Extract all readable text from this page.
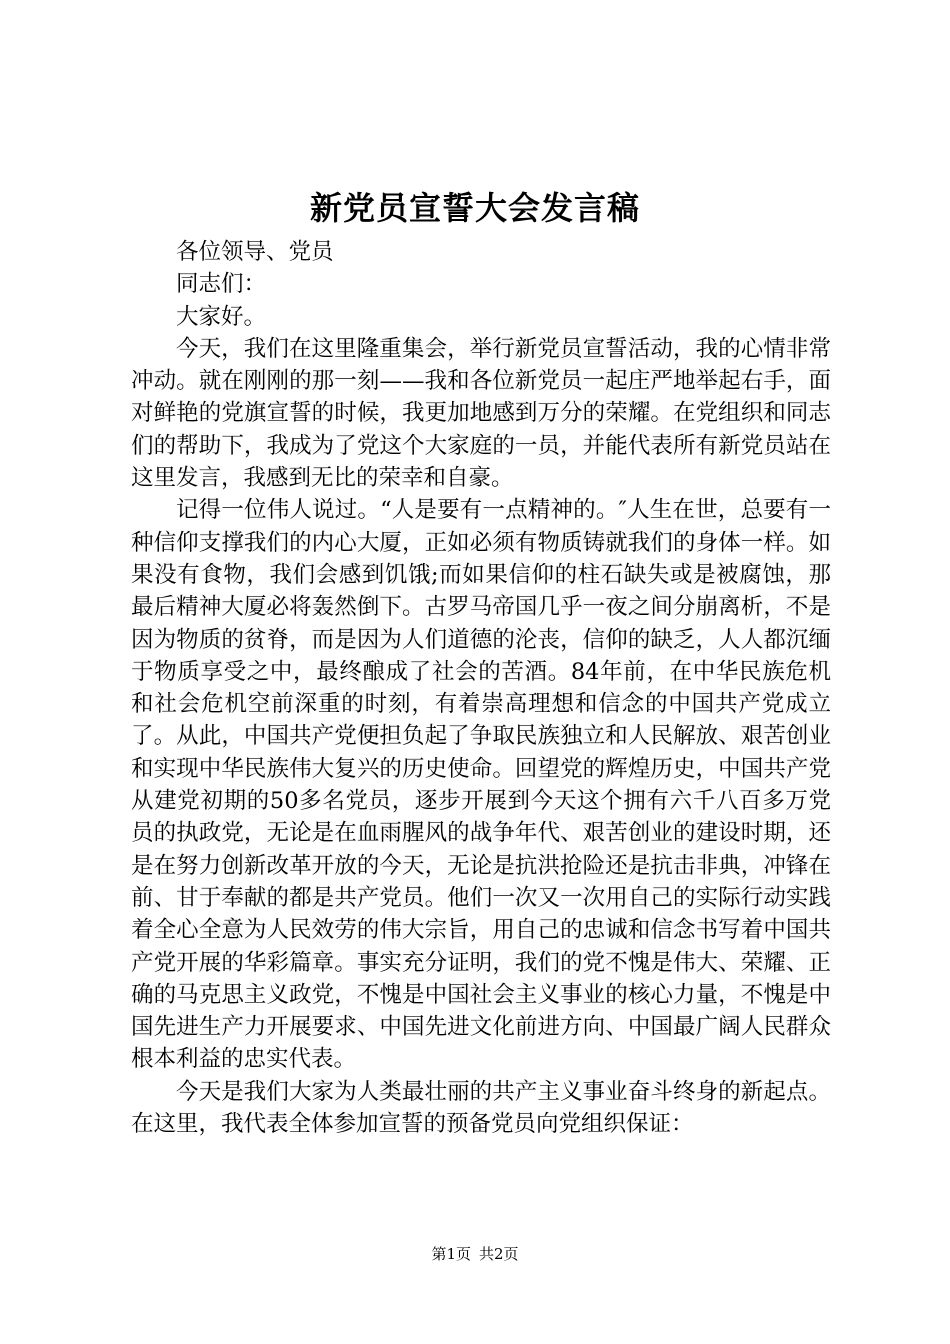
新党员宣誓大会发言稿

各位领导、党员

同志们：

大家好。

今天，我们在这里隆重集会，举行新党员宣誓活动，我的心情非常冲动。就在刚刚的那一刻——我和各位新党员一起庄严地举起右手，面对鲜艳的党旗宣誓的时候，我更加地感到万分的荣耀。在党组织和同志们的帮助下，我成为了党这个大家庭的一员，并能代表所有新党员站在这里发言，我感到无比的荣幸和自豪。

记得一位伟人说过。“人是要有一点精神的。″人生在世，总要有一种信仰支撑我们的内心大厦，正如必须有物质铸就我们的身体一样。如果没有食物，我们会感到饥饿;而如果信仰的柱石缺失或是被腐蚀，那最后精神大厦必将轰然倒下。古罗马帝国几乎一夜之间分崩离析，不是因为物质的贫脊，而是因为人们道德的沦丧，信仰的缺乏，人人都沉缅于物质享受之中，最终酿成了社会的苦酒。84年前，在中华民族危机和社会危机空前深重的时刻，有着崇高理想和信念的中国共产党成立了。从此，中国共产党便担负起了争取民族独立和人民解放、艰苦创业和实现中华民族伟大复兴的历史使命。回望党的辉煌历史，中国共产党从建党初期的50多名党员，逐步开展到今天这个拥有六千八百多万党员的执政党，无论是在血雨腥风的战争年代、艰苦创业的建设时期，还是在努力创新改革开放的今天，无论是抗洪抢险还是抗击非典，冲锋在前、甘于奉献的都是共产党员。他们一次又一次用自己的实际行动实践着全心全意为人民效劳的伟大宗旨，用自己的忠诚和信念书写着中国共产党开展的华彩篇章。事实充分证明，我们的党不愧是伟大、荣耀、正确的马克思主义政党，不愧是中国社会主义事业的核心力量，不愧是中国先进生产力开展要求、中国先进文化前进方向、中国最广阔人民群众根本利益的忠实代表。

今天是我们大家为人类最壮丽的共产主义事业奋斗终身的新起点。在这里，我代表全体参加宣誓的预备党员向党组织保证：

第1页 共2页
